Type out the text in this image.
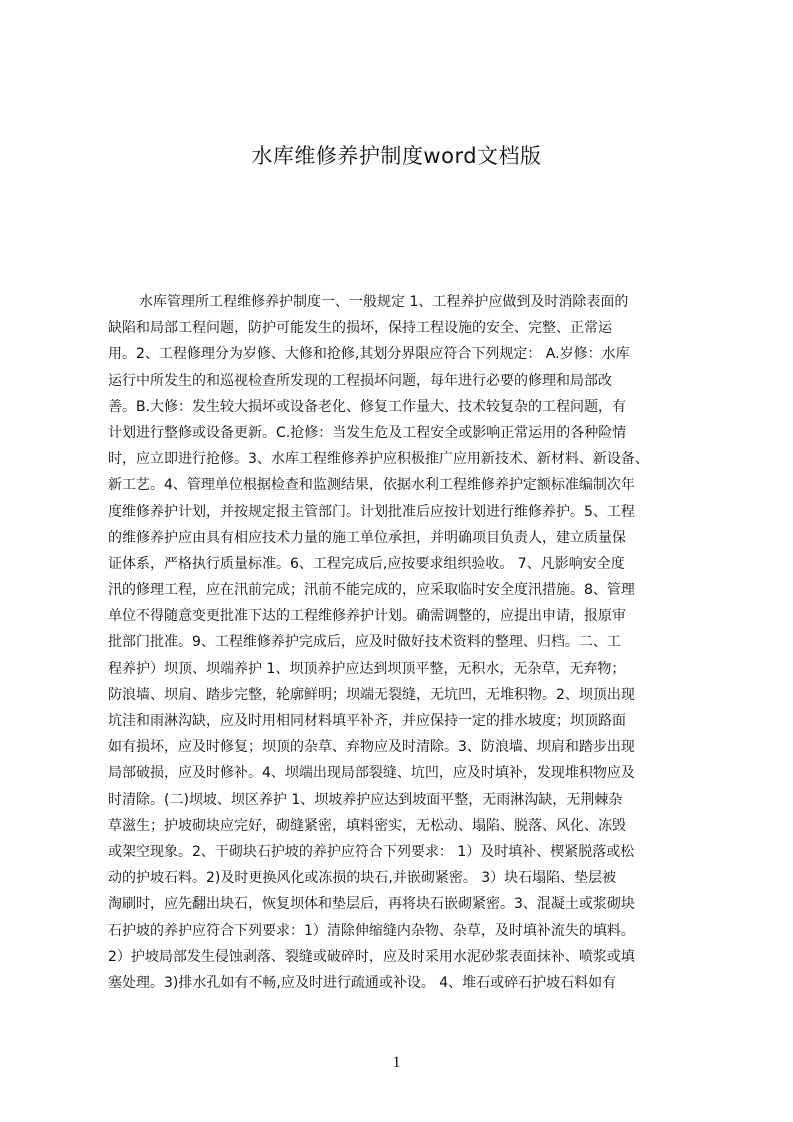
水库维修养护制度word文档版
水库管理所工程维修养护制度一、一般规定 1、工程养护应做到及时消除表面的
缺陷和局部工程问题，防护可能发生的损坏，保持工程设施的安全、完整、正常运
用。2、工程修理分为岁修、大修和抢修,其划分界限应符合下列规定： A.岁修：水库
运行中所发生的和巡视检查所发现的工程损坏问题，每年进行必要的修理和局部改
善。B.大修：发生较大损坏或设备老化、修复工作量大、技术较复杂的工程问题，有
计划进行整修或设备更新。C.抢修：当发生危及工程安全或影响正常运用的各种险情
时，应立即进行抢修。3、水库工程维修养护应积极推广应用新技术、新材料、新设备、
新工艺。4、管理单位根据检查和监测结果，依据水利工程维修养护定额标准编制次年
度维修养护计划，并按规定报主管部门。计划批准后应按计划进行维修养护。5、工程
的维修养护应由具有相应技术力量的施工单位承担，并明确项目负责人，建立质量保
证体系，严格执行质量标准。6、工程完成后,应按要求组织验收。 7、凡影响安全度
汛的修理工程，应在汛前完成；汛前不能完成的，应采取临时安全度汛措施。8、管理
单位不得随意变更批准下达的工程维修养护计划。确需调整的，应提出申请，报原审
批部门批准。9、工程维修养护完成后，应及时做好技术资料的整理、归档。二、工
程养护）坝顶、坝端养护 1、坝顶养护应达到坝顶平整，无积水，无杂草，无弃物；
防浪墙、坝肩、踏步完整，轮廓鲜明；坝端无裂缝，无坑凹，无堆积物。2、坝顶出现
坑洼和雨淋沟缺，应及时用相同材料填平补齐，并应保持一定的排水坡度；坝顶路面
如有损坏，应及时修复；坝顶的杂草、弃物应及时清除。3、防浪墙、坝肩和踏步出现
局部破损，应及时修补。4、坝端出现局部裂缝、坑凹，应及时填补，发现堆积物应及
时清除。(二)坝坡、坝区养护 1、坝坡养护应达到坡面平整，无雨淋沟缺，无荆棘杂
草滋生；护坡砌块应完好，砌缝紧密，填料密实，无松动、塌陷、脱落、风化、冻毁
或架空现象。2、干砌块石护坡的养护应符合下列要求： 1）及时填补、楔紧脱落或松
动的护坡石料。2)及时更换风化或冻损的块石,并嵌砌紧密。 3）块石塌陷、垫层被
淘刷时，应先翻出块石，恢复坝体和垫层后，再将块石嵌砌紧密。3、混凝土或浆砌块
石护坡的养护应符合下列要求：1）清除伸缩缝内杂物、杂草，及时填补流失的填料。
2）护坡局部发生侵蚀剥落、裂缝或破碎时，应及时采用水泥砂浆表面抹补、喷浆或填
塞处理。3)排水孔如有不畅,应及时进行疏通或补设。 4、堆石或碎石护坡石料如有
1
